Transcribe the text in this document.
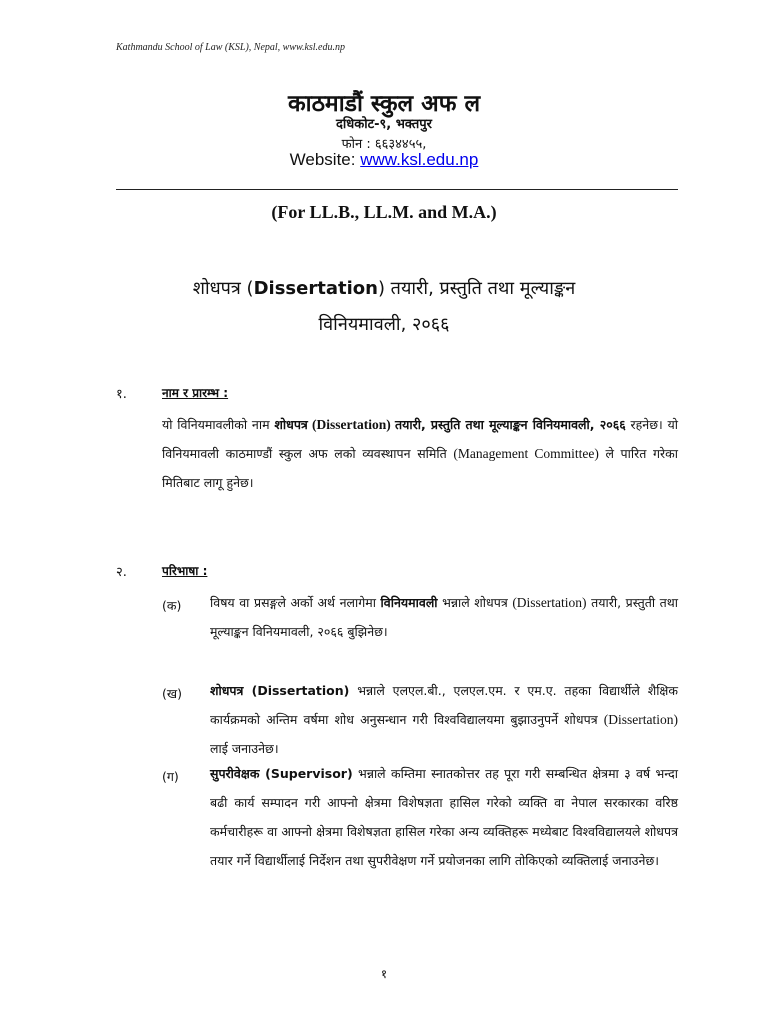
Kathmandu School of Law (KSL), Nepal, www.ksl.edu.np
काठमाडौं स्कुल अफ ल
दधिकोट-९, भक्तपुर
फोन : ६६३४४५५,
Website: www.ksl.edu.np
(For LL.B., LL.M. and M.A.)
शोधपत्र (Dissertation) तयारी, प्रस्तुति तथा मूल्याङ्कन
विनियमावली, २०६६
१.	नाम र प्रारम्भ :
यो विनियमावलीको नाम शोधपत्र (Dissertation) तयारी, प्रस्तुति तथा मूल्याङ्कन विनियमावली, २०६६ रहनेछ। यो विनियमावली काठमाण्डौं स्कुल अफ लको व्यवस्थापन समिति (Management Committee) ले पारित गरेका मितिबाट लागू हुनेछ।
२.	परिभाषा :
(क) विषय वा प्रसङ्गले अर्को अर्थ नलागेमा विनियमावली भन्नाले शोधपत्र (Dissertation) तयारी, प्रस्तुती तथा मूल्याङ्कन विनियमावली, २०६६ बुझिनेछ।
(ख) शोधपत्र (Dissertation) भन्नाले एलएल.बी., एलएल.एम. र एम.ए. तहका विद्यार्थीले शैक्षिक कार्यक्रमको अन्तिम वर्षमा शोध अनुसन्धान गरी विश्वविद्यालयमा बुझाउनुपर्ने शोधपत्र (Dissertation) लाई जनाउनेछ।
(ग) सुपरीवेक्षक (Supervisor) भन्नाले कम्तिमा स्नातकोत्तर तह पूरा गरी सम्बन्धित क्षेत्रमा ३ वर्ष भन्दा बढी कार्य सम्पादन गरी आफ्नो क्षेत्रमा विशेषज्ञता हासिल गरेको व्यक्ति वा नेपाल सरकारका वरिष्ठ कर्मचारीहरू वा आफ्नो क्षेत्रमा विशेषज्ञता हासिल गरेका अन्य व्यक्तिहरू मध्येबाट विश्वविद्यालयले शोधपत्र तयार गर्ने विद्यार्थीलाई निर्देशन तथा सुपरीवेक्षण गर्ने प्रयोजनका लागि तोकिएको व्यक्तिलाई जनाउनेछ।
१
